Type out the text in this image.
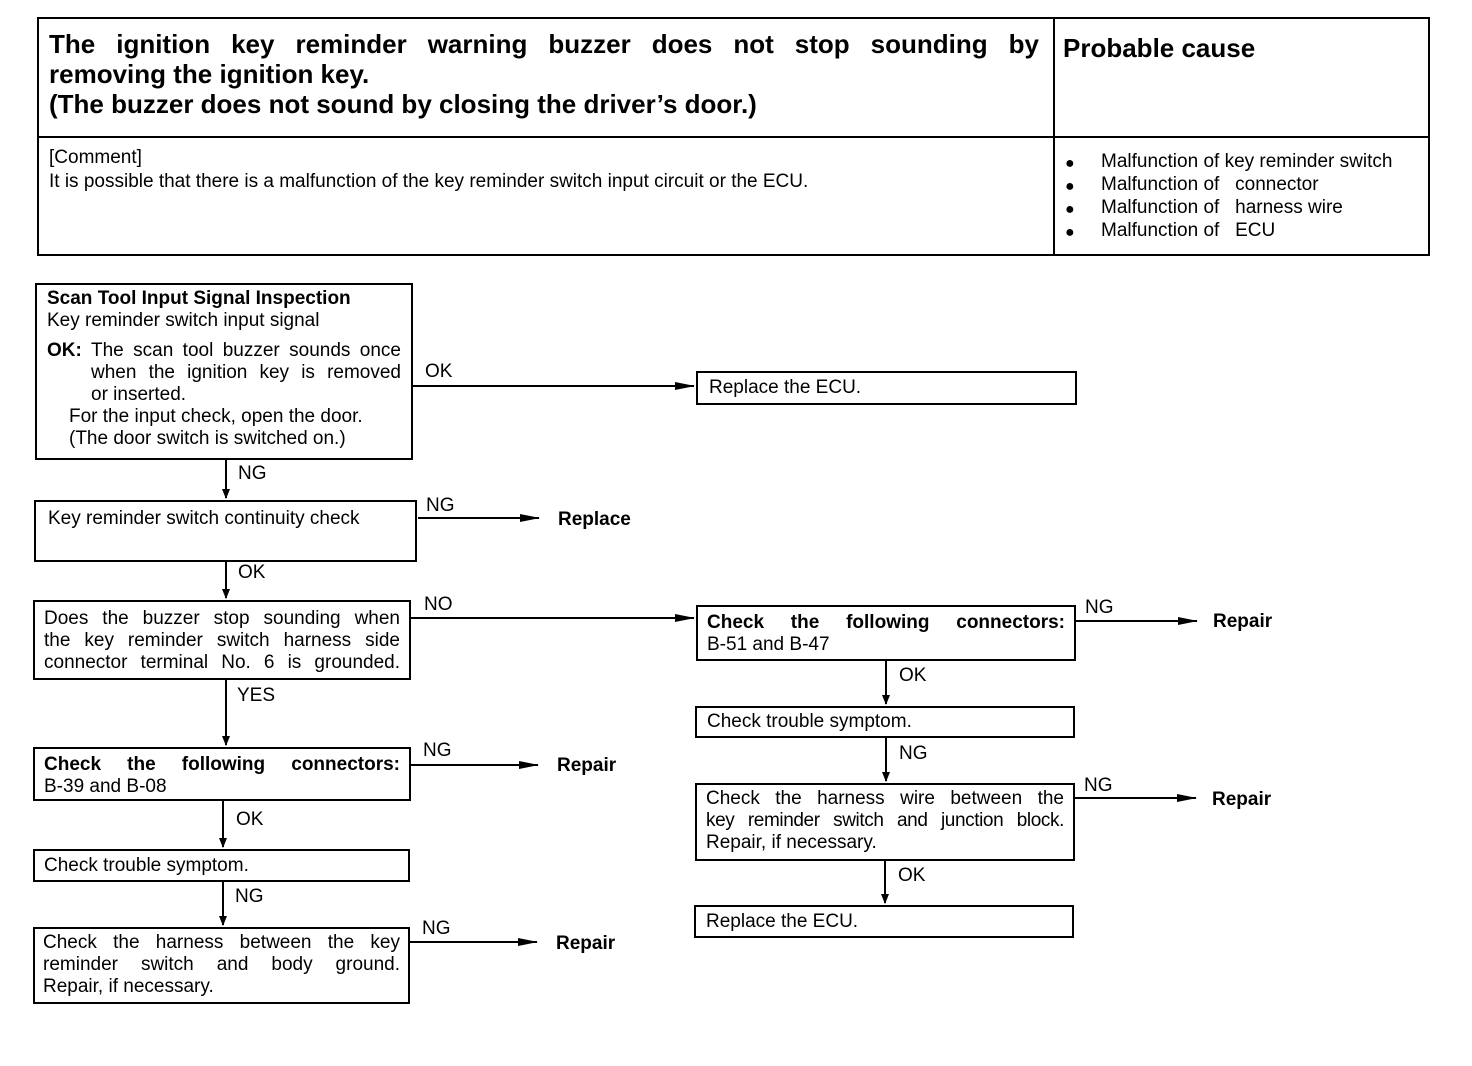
The ignition key reminder warning buzzer does not stop sounding by
removing the ignition key.
(The buzzer does not sound by closing the driver’s door.)
Probable cause
[Comment]
It is possible that there is a malfunction of the key reminder switch input circuit or the ECU.
● Malfunction of key reminder switch
● Malfunction of   connector
● Malfunction of   harness wire
● Malfunction of   ECU
Scan Tool Input Signal Inspection
Key reminder switch input signal
OK: The scan tool buzzer sounds once
when the ignition key is removed
or inserted.
For the input check, open the door.
(The door switch is switched on.)
Key reminder switch continuity check
Does the buzzer stop sounding when
the key reminder switch harness side
connector terminal No. 6 is grounded.
Check the following connectors:
B-39 and B-08
Check trouble symptom.
Check the harness between the key
reminder switch and body ground.
Repair, if necessary.
Replace the ECU.
Check the following connectors:
B-51 and B-47
Check trouble symptom.
Check the harness wire between the
key reminder switch and junction block.
Repair, if necessary.
Replace the ECU.
Replace
Repair
Repair
Repair
Repair
OK
NG
NG
OK
NO	NG
OK
YES
NG	NG
NG
OK
OK
NG
NG
